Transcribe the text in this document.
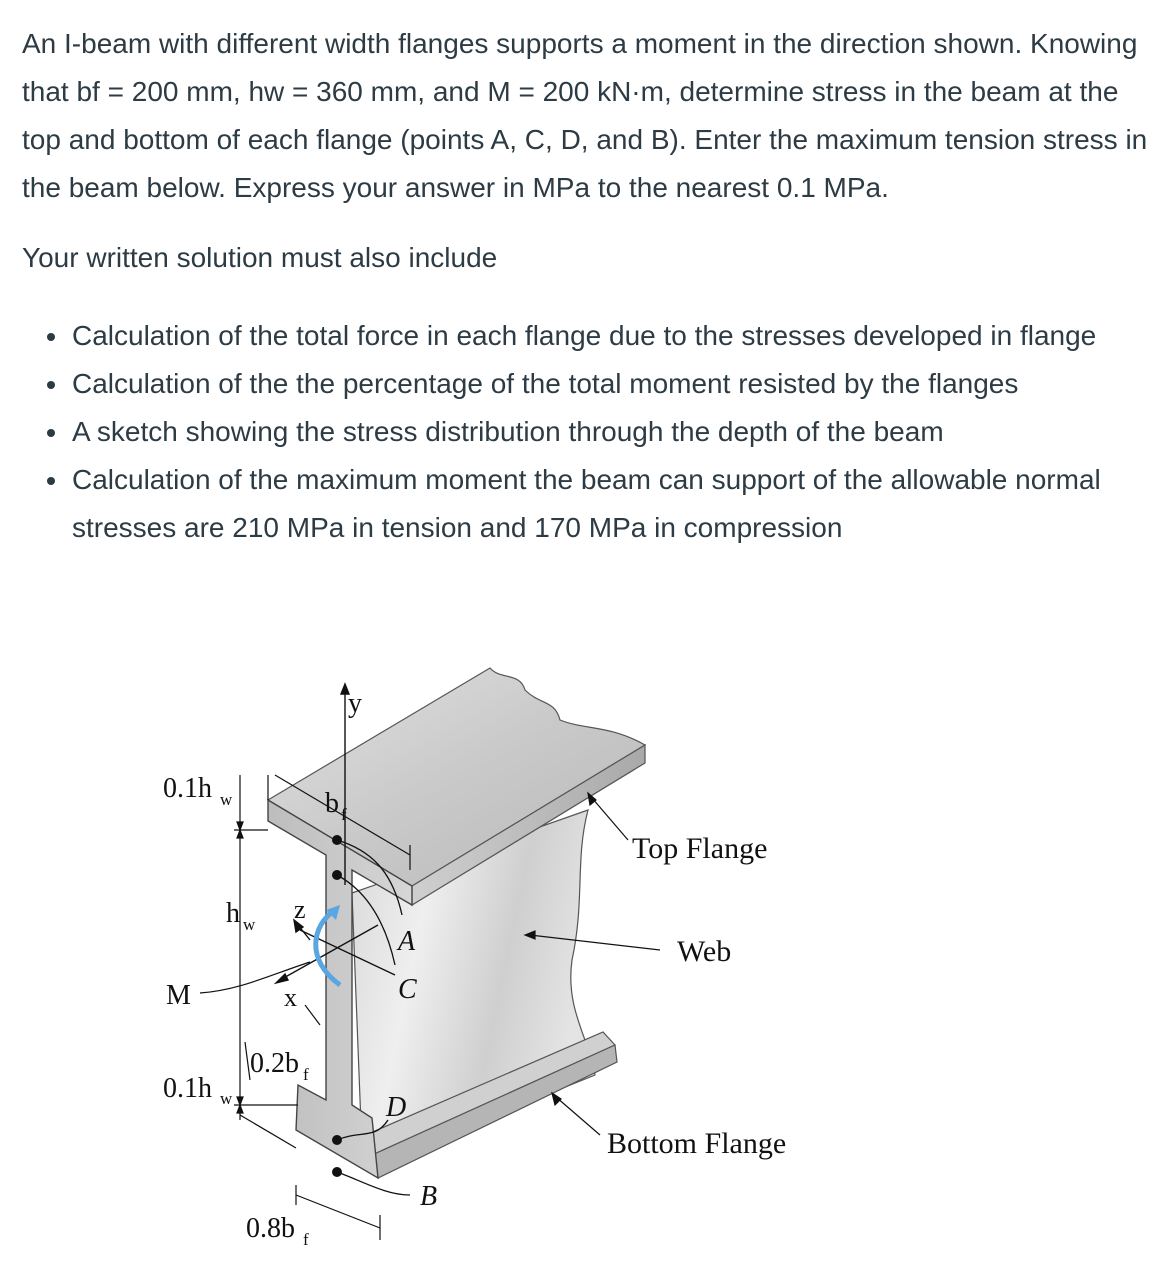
An I-beam with different width flanges supports a moment in the direction shown. Knowing that bf = 200 mm, hw = 360 mm, and M = 200 kN·m, determine stress in the beam at the top and bottom of each flange (points A, C, D, and B). Enter the maximum tension stress in the beam below. Express your answer in MPa to the nearest 0.1 MPa.

Your written solution must also include

• Calculation of the total force in each flange due to the stresses developed in flange
• Calculation of the the percentage of the total moment resisted by the flanges
• A sketch showing the stress distribution through the depth of the beam
• Calculation of the maximum moment the beam can support of the allowable normal stresses are 210 MPa in tension and 170 MPa in compression
0.1h w	b f
y
z
x
h w
M
0.2b f
0.1h w
0.8b f
A
C
D
B
Top Flange
Web
Bottom Flange
